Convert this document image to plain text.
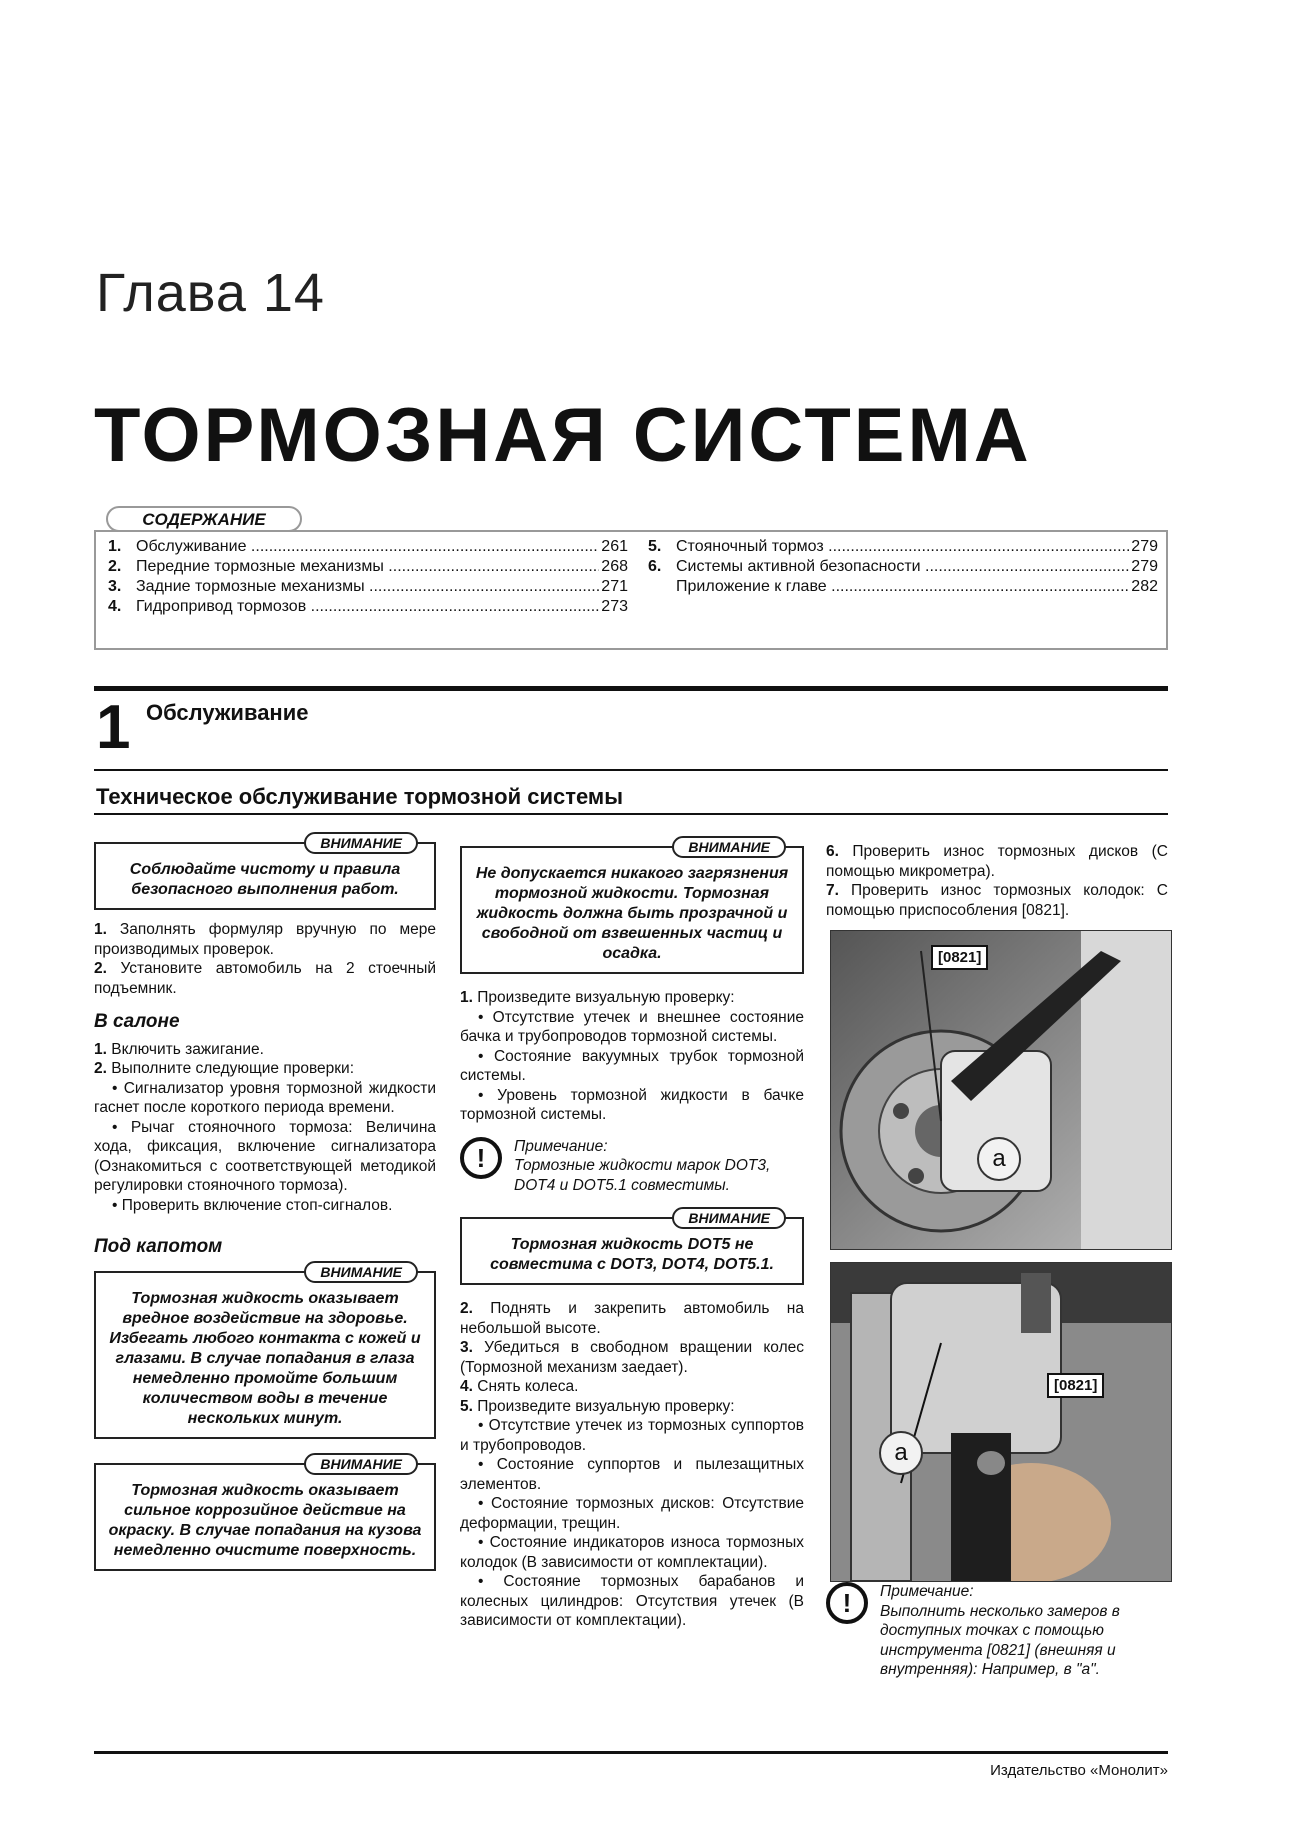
Глава 14
ТОРМОЗНАЯ СИСТЕМА
СОДЕРЖАНИЕ
1. Обслуживание .....	261
2. Передние тормозные механизмы .....	268
3. Задние тормозные механизмы .....	271
4. Гидропривод тормозов .....	273
5. Стояночный тормоз .....	279
6. Системы активной безопасности .....	279
Приложение к главе .....	282
1 Обслуживание
Техническое обслуживание тормозной системы
ВНИМАНИЕ
Соблюдайте чистоту и правила безопасного выполнения работ.

1. Заполнять формуляр вручную по мере производимых проверок.

2. Установите автомобиль на 2 стоечный подъемник.

В салоне

1. Включить зажигание.

2. Выполните следующие проверки:

• Сигнализатор уровня тормозной жидкости гаснет после короткого периода времени.

• Рычаг стояночного тормоза: Величина хода, фиксация, включение сигнализатора (Ознакомиться с соответствующей методикой регулировки стояночного тормоза).

• Проверить включение стоп-сигналов.

Под капотом
ВНИМАНИЕ
Тормозная жидкость оказывает вредное воздействие на здоровье. Избегать любого контакта с кожей и глазами. В случае попадания в глаза немедленно промойте большим количеством воды в течение нескольких минут.
ВНИМАНИЕ
Тормозная жидкость оказывает сильное коррозийное действие на окраску. В случае попадания на кузова немедленно очистите поверхность.
ВНИМАНИЕ
Не допускается никакого загрязнения тормозной жидкости. Тормозная жидкость должна быть прозрачной и свободной от взвешенных частиц и осадка.

1. Произведите визуальную проверку:

• Отсутствие утечек и внешнее состояние бачка и трубопроводов тормозной системы.

• Состояние вакуумных трубок тормозной системы.

• Уровень тормозной жидкости в бачке тормозной системы.

!	Примечание:
Тормозные жидкости марок DOT3, DOT4 и DOT5.1 совместимы.
ВНИМАНИЕ
Тормозная жидкость DOT5 не совместима с DOT3, DOT4, DOT5.1.

2. Поднять и закрепить автомобиль на небольшой высоте.

3. Убедиться в свободном вращении колес (Тормозной механизм заедает).

4. Снять колеса.

5. Произведите визуальную проверку:

• Отсутствие утечек из тормозных суппортов и трубопроводов.

• Состояние суппортов и пылезащитных элементов.

• Состояние тормозных дисков: Отсутствие деформации, трещин.

• Состояние индикаторов износа тормозных колодок (В зависимости от комплектации).

• Состояние тормозных барабанов и колесных цилиндров: Отсутствия утечек (В зависимости от комплектации).

6. Проверить износ тормозных дисков (С помощью микрометра).

7. Проверить износ тормозных колодок: С помощью приспособления [0821].

[0821]
a
[0821]
a
!	Примечание:
Выполнить несколько замеров в доступных точках с помощью инструмента [0821] (внешняя и внутренняя): Например, в "а".
Издательство «Монолит»
